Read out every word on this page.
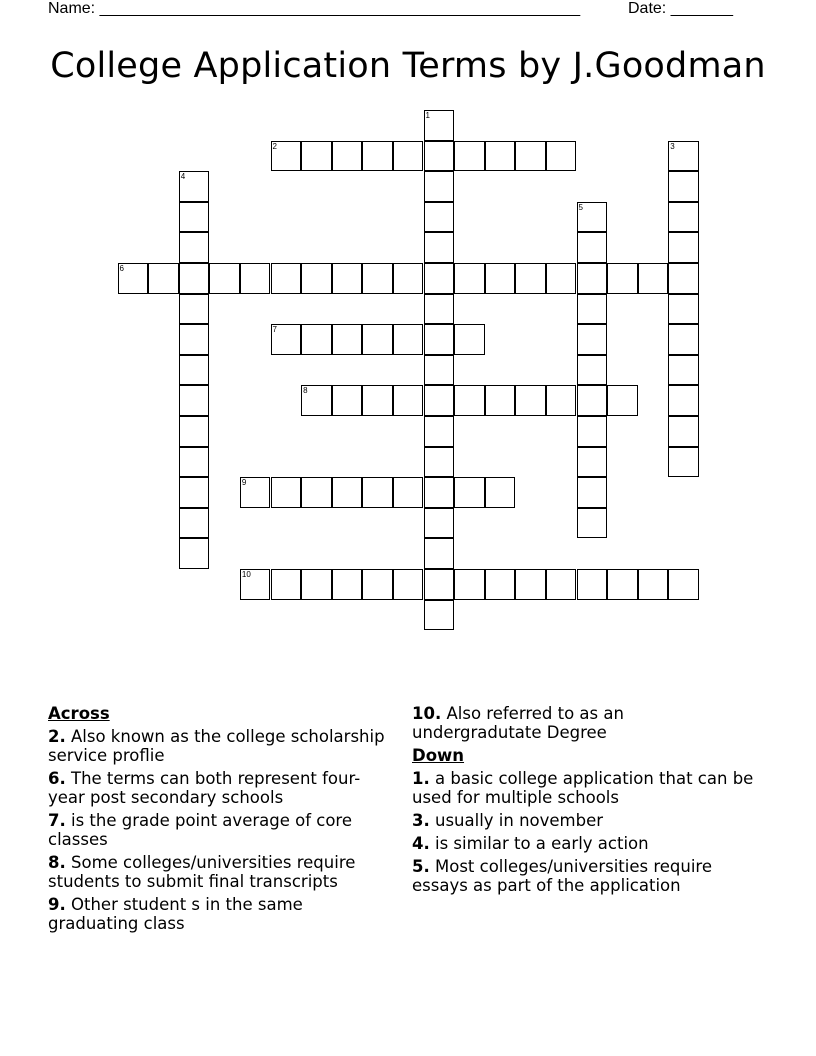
Name: ______________________________________________________	Date: _______
College Application Terms by J.Goodman
1
2	3
4
5
6
7
8
9
10
Across
2. Also known as the college scholarship service proflie
6. The terms can both represent four-year post secondary schools
7. is the grade point average of core classes
8. Some colleges/universities require students to submit final transcripts
9. Other student s in the same graduating class
10. Also referred to as an undergradutate Degree
Down
1. a basic college application that can be used for multiple schools
3. usually in november
4. is similar to a early action
5. Most colleges/universities require essays as part of the application
